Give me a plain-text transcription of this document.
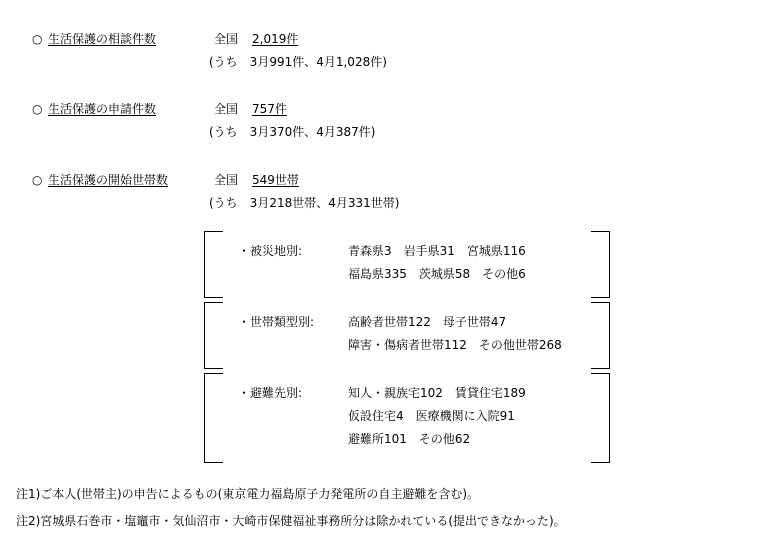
○ 生活保護の相談件数	全国 2,019件
(うち　3月991件、4月1,028件)
○ 生活保護の申請件数	全国 757件
(うち　3月370件、4月387件)
○ 生活保護の開始世帯数	全国 549世帯
(うち　3月218世帯、4月331世帯)
・被災地別:	青森県3　岩手県31　宮城県116
福島県335　茨城県58　その他6
・世帯類型別:	高齢者世帯122　母子世帯47
障害・傷病者世帯112　その他世帯268
・避難先別:	知人・親族宅102　賃貸住宅189
仮設住宅4　医療機関に入院91
避難所101　その他62
注1)ご本人(世帯主)の申告によるもの(東京電力福島原子力発電所の自主避難を含む)。
注2)宮城県石巻市・塩竈市・気仙沼市・大崎市保健福祉事務所分は除かれている(提出できなかった)。
